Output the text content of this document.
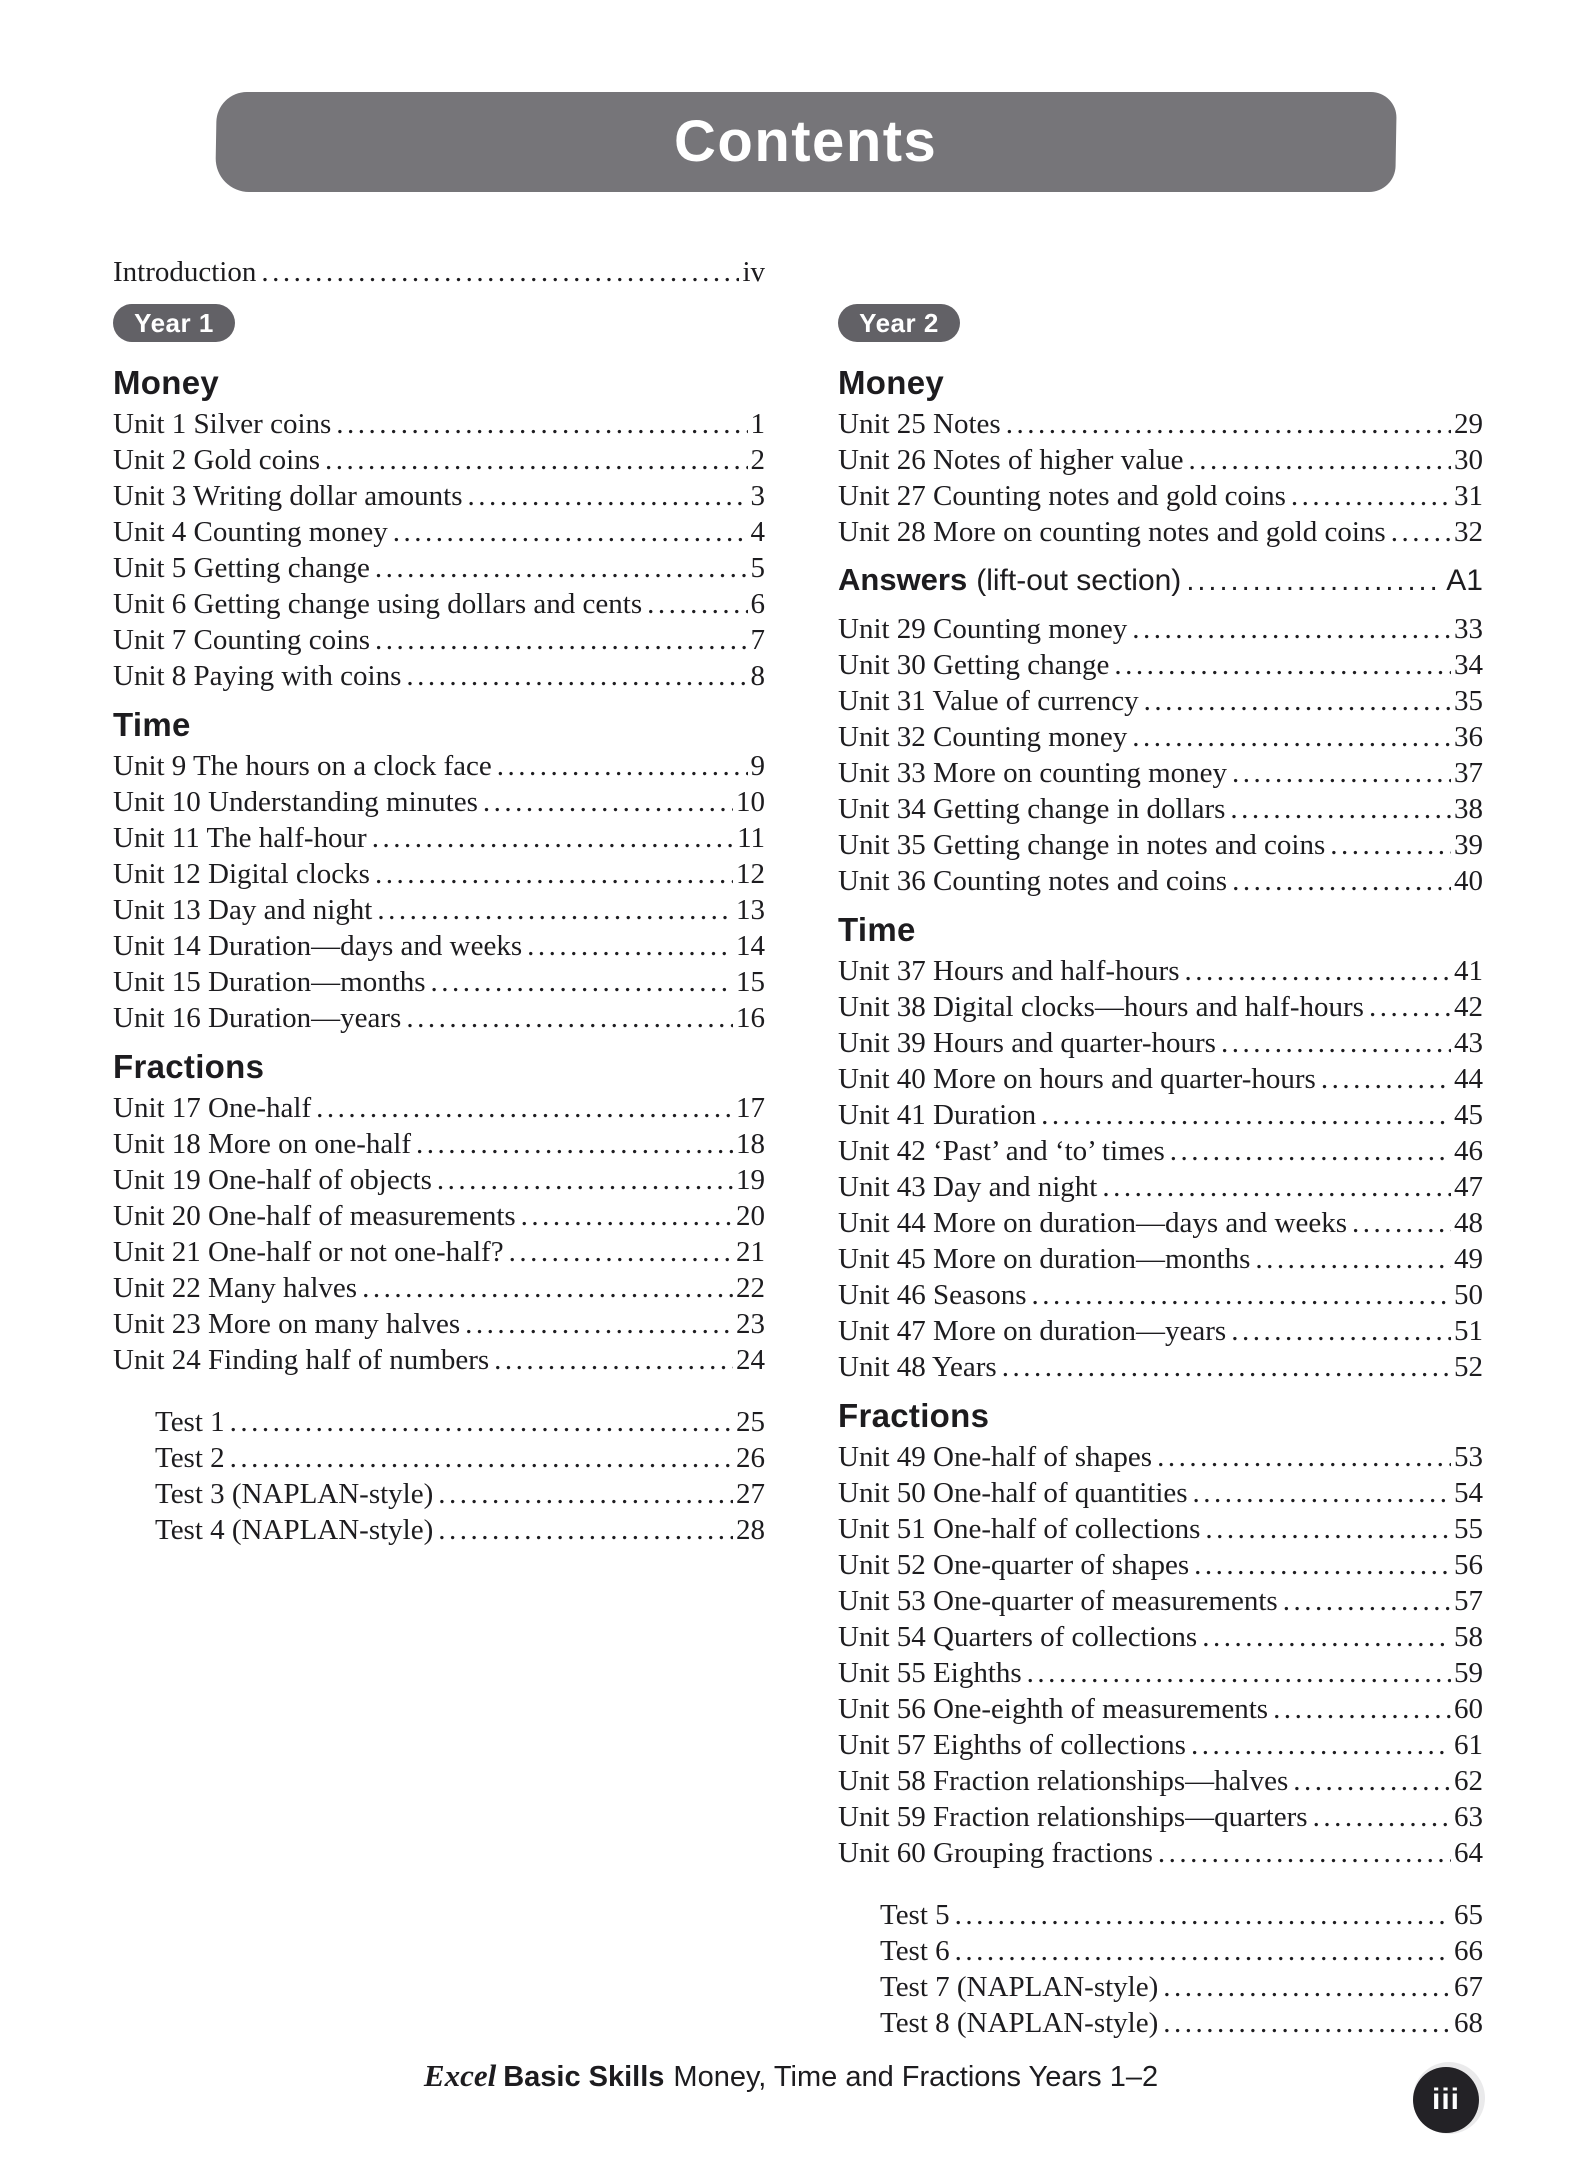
Contents
Introduction .....	iv
Year 1
Money
Unit 1 Silver coins .....	1
Unit 2 Gold coins .....	2
Unit 3 Writing dollar amounts .....	3
Unit 4 Counting money .....	4
Unit 5 Getting change .....	5
Unit 6 Getting change using dollars and cents .....	6
Unit 7 Counting coins .....	7
Unit 8 Paying with coins .....	8
Time
Unit 9 The hours on a clock face .....	9
Unit 10 Understanding minutes .....	10
Unit 11 The half-hour .....	11
Unit 12 Digital clocks .....	12
Unit 13 Day and night .....	13
Unit 14 Duration—days and weeks .....	14
Unit 15 Duration—months .....	15
Unit 16 Duration—years .....	16
Fractions
Unit 17 One-half .....	17
Unit 18 More on one-half .....	18
Unit 19 One-half of objects .....	19
Unit 20 One-half of measurements .....	20
Unit 21 One-half or not one-half? .....	21
Unit 22 Many halves .....	22
Unit 23 More on many halves .....	23
Unit 24 Finding half of numbers .....	24
Test 1 .....	25
Test 2 .....	26
Test 3 (NAPLAN-style) .....	27
Test 4 (NAPLAN-style) .....	28
Year 2
Money
Unit 25 Notes .....	29
Unit 26 Notes of higher value .....	30
Unit 27 Counting notes and gold coins .....	31
Unit 28 More on counting notes and gold coins ..... 32
Answers (lift-out section) .....	A1
Unit 29 Counting money .....	33
Unit 30 Getting change .....	34
Unit 31 Value of currency .....	35
Unit 32 Counting money .....	36
Unit 33 More on counting money .....	37
Unit 34 Getting change in dollars .....	38
Unit 35 Getting change in notes and coins .....	39
Unit 36 Counting notes and coins .....	40
Time
Unit 37 Hours and half-hours .....	41
Unit 38 Digital clocks—hours and half-hours .....	42
Unit 39 Hours and quarter-hours .....	43
Unit 40 More on hours and quarter-hours .....	44
Unit 41 Duration .....	45
Unit 42 ‘Past’ and ‘to’ times .....	46
Unit 43 Day and night .....	47
Unit 44 More on duration—days and weeks .....	48
Unit 45 More on duration—months .....	49
Unit 46 Seasons .....	50
Unit 47 More on duration—years .....	51
Unit 48 Years .....	52
Fractions
Unit 49 One-half of shapes .....	53
Unit 50 One-half of quantities .....	54
Unit 51 One-half of collections .....	55
Unit 52 One-quarter of shapes .....	56
Unit 53 One-quarter of measurements .....	57
Unit 54 Quarters of collections .....	58
Unit 55 Eighths .....	59
Unit 56 One-eighth of measurements .....	60
Unit 57 Eighths of collections .....	61
Unit 58 Fraction relationships—halves .....	62
Unit 59 Fraction relationships—quarters .....	63
Unit 60 Grouping fractions .....	64
Test 5 .....	65
Test 6 .....	66
Test 7 (NAPLAN-style) .....	67
Test 8 (NAPLAN-style) .....	68
Excel Basic Skills Money, Time and Fractions Years 1–2
iii
